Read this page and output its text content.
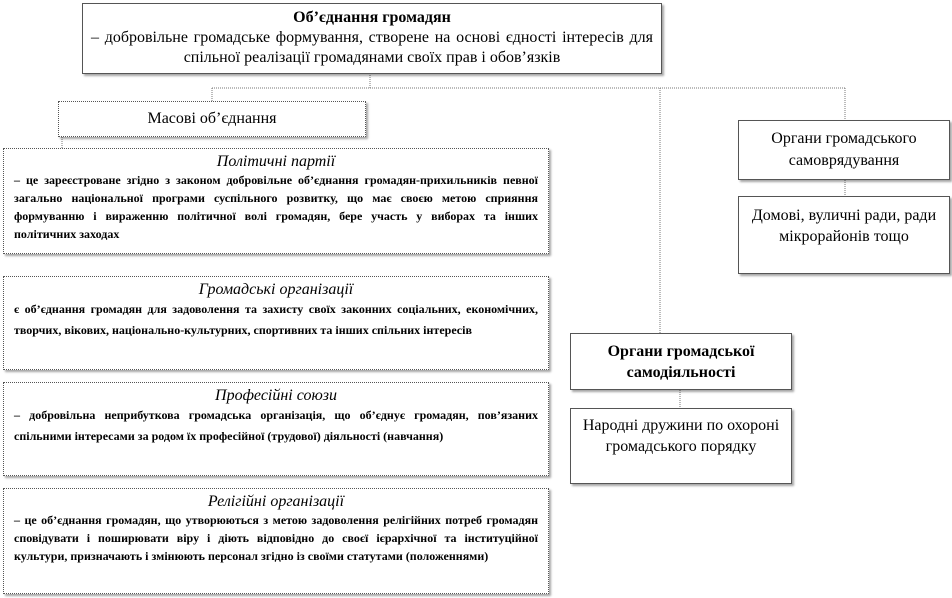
Об’єднання громадян
– добровільне громадське формування, створене на основі єдності інтересів для спільної реалізації громадянами своїх прав і обов’язків
Масові об’єднання
Політичні партії
– це зареєстроване згідно з законом добровільне об’єднання громадян-прихильників певної загально національної програми суспільного розвитку, що має своєю метою сприяння формуванню і вираженню політичної волі громадян, бере участь у виборах та інших політичних заходах
Громадські організації
є об’єднання громадян для задоволення та захисту своїх законних соціальних, економічних, творчих, вікових, національно-культурних, спортивних та інших спільних інтересів
Професійні союзи
– добровільна неприбуткова громадська організація, що об’єднує громадян, пов’язаних спільними інтересами за родом їх професійної (трудової) діяльності (навчання)
Релігійні організації
– це об’єднання громадян, що утворюються з метою задоволення релігійних потреб громадян сповідувати і поширювати віру і діють відповідно до своєї ієрархічної та інституційної культури, призначають і змінюють персонал згідно із своїми статутами (положеннями)
Органи громадського самоврядування
Домові, вуличні ради, ради мікрорайонів тощо
Органи громадської самодіяльності
Народні дружини по охороні громадського порядку
